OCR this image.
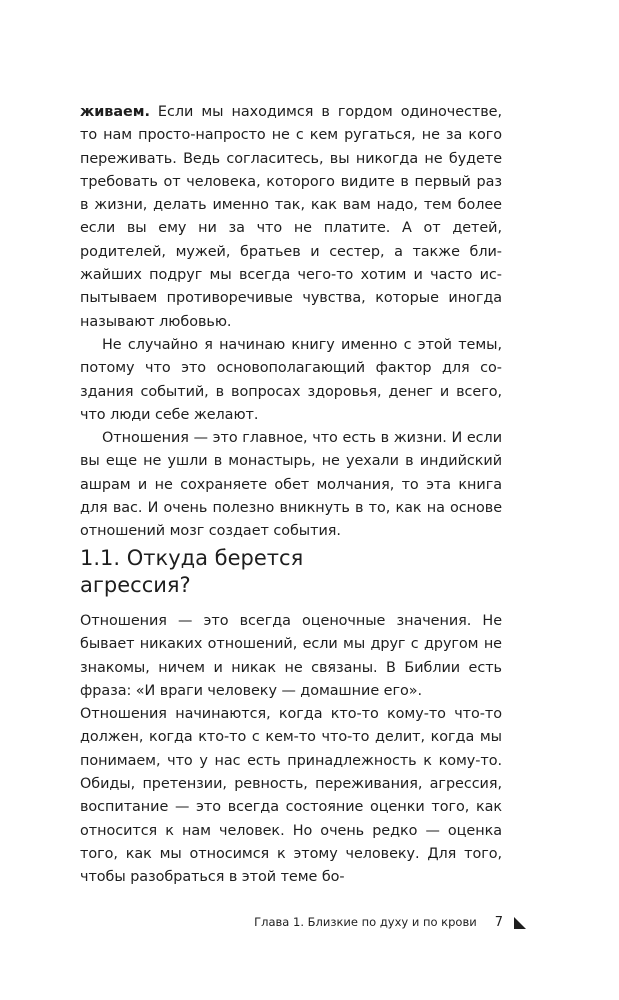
живаем. Если мы находимся в гордом одиночестве, то нам просто-напросто не с кем ругаться, не за кого переживать. Ведь согласитесь, вы никогда не будете требовать от человека, которого видите в первый раз в жизни, делать именно так, как вам надо, тем более если вы ему ни за что не платите. А от детей, родителей, мужей, братьев и сестер, а также ближайших подруг мы всегда чего-то хотим и часто испытываем противоречивые чувства, которые иногда называют любовью.

Не случайно я начинаю книгу именно с этой темы, потому что это основополагающий фактор для создания событий, в вопросах здоровья, денег и всего, что люди себе желают.

Отношения — это главное, что есть в жизни. И если вы еще не ушли в монастырь, не уехали в индийский ашрам и не сохраняете обет молчания, то эта книга для вас. И очень полезно вникнуть в то, как на основе отношений мозг создает события.

1.1. Откуда берется
агрессия?

Отношения — это всегда оценочные значения. Не бывает никаких отношений, если мы друг с другом не знакомы, ничем и никак не связаны. В Библии есть фраза: «И враги человеку — домашние его».

Отношения начинаются, когда кто-то кому-то что-то должен, когда кто-то с кем-то что-то делит, когда мы понимаем, что у нас есть принадлежность к кому-то. Обиды, претензии, ревность, переживания, агрессия, воспитание — это всегда состояние оценки того, как относится к нам человек. Но очень редко — оценка того, как мы относимся к этому человеку. Для того, чтобы разобраться в этой теме бо-

Глава 1. Близкие по духу и по крови 7
